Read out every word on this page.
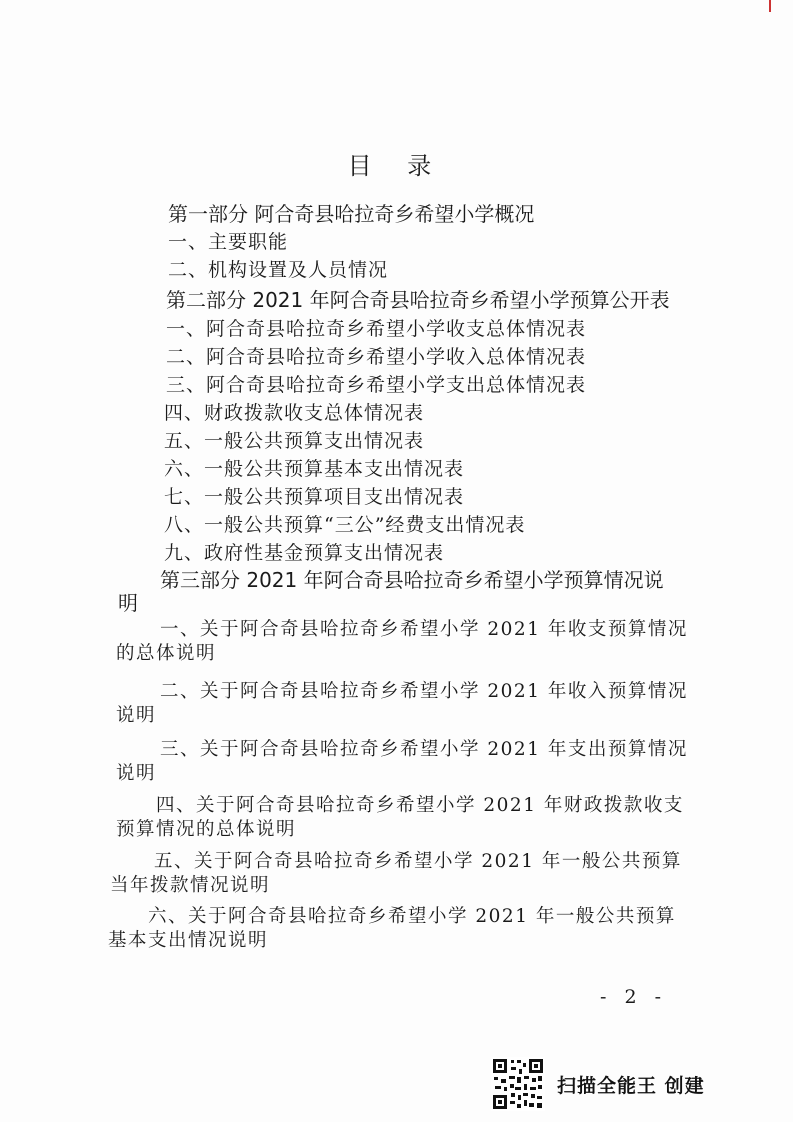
目 录
第一部分 阿合奇县哈拉奇乡希望小学概况
一、主要职能
二、机构设置及人员情况
第二部分 2021 年阿合奇县哈拉奇乡希望小学预算公开表
一、阿合奇县哈拉奇乡希望小学收支总体情况表
二、阿合奇县哈拉奇乡希望小学收入总体情况表
三、阿合奇县哈拉奇乡希望小学支出总体情况表
四、财政拨款收支总体情况表
五、一般公共预算支出情况表
六、一般公共预算基本支出情况表
七、一般公共预算项目支出情况表
八、一般公共预算“三公”经费支出情况表
九、政府性基金预算支出情况表
第三部分 2021 年阿合奇县哈拉奇乡希望小学预算情况说
明
一、关于阿合奇县哈拉奇乡希望小学 2021 年收支预算情况
的总体说明
二、关于阿合奇县哈拉奇乡希望小学 2021 年收入预算情况
说明
三、关于阿合奇县哈拉奇乡希望小学 2021 年支出预算情况
说明
四、关于阿合奇县哈拉奇乡希望小学 2021 年财政拨款收支
预算情况的总体说明
五、关于阿合奇县哈拉奇乡希望小学 2021 年一般公共预算
当年拨款情况说明
六、关于阿合奇县哈拉奇乡希望小学 2021 年一般公共预算
基本支出情况说明
- 2 -
扫描全能王 创建
